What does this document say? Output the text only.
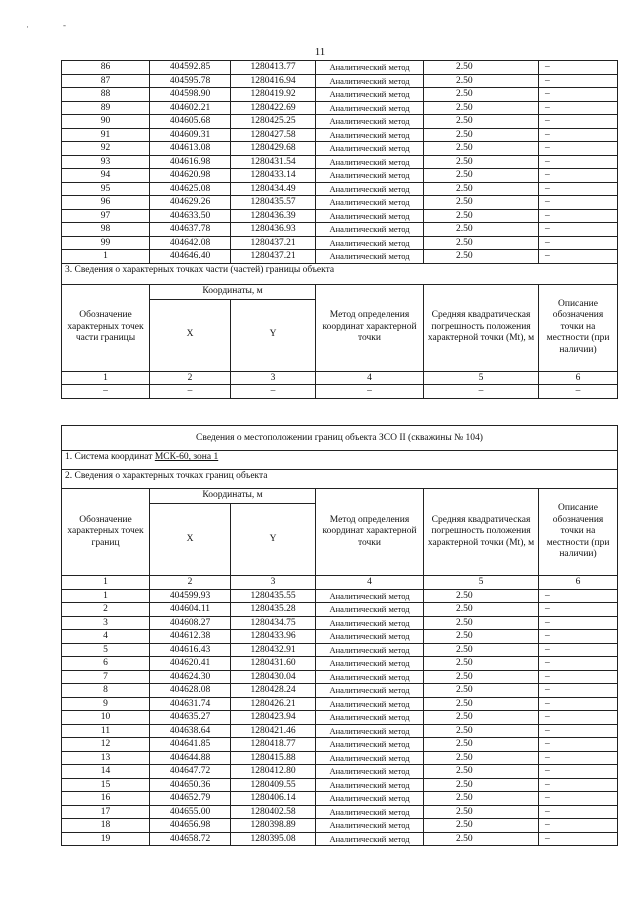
·	-
11
86	404592.85	1280413.77	Аналитический метод	2.50	–
87	404595.78	1280416.94	Аналитический метод	2.50	–
88	404598.90	1280419.92	Аналитический метод	2.50	–
89	404602.21	1280422.69	Аналитический метод	2.50	–
90	404605.68	1280425.25	Аналитический метод	2.50	–
91	404609.31	1280427.58	Аналитический метод	2.50	–
92	404613.08	1280429.68	Аналитический метод	2.50	–
93	404616.98	1280431.54	Аналитический метод	2.50	–
94	404620.98	1280433.14	Аналитический метод	2.50	–
95	404625.08	1280434.49	Аналитический метод	2.50	–
96	404629.26	1280435.57	Аналитический метод	2.50	–
97	404633.50	1280436.39	Аналитический метод	2.50	–
98	404637.78	1280436.93	Аналитический метод	2.50	–
99	404642.08	1280437.21	Аналитический метод	2.50	–
1	404646.40	1280437.21	Аналитический метод	2.50	–
3. Сведения о характерных точках части (частей) границы объекта					
Обозначение характерных точек части границы	Координаты, м		Метод определения координат характерной точки	Средняя квадратическая погрешность положения характерной точки (Mt), м	Описание обозначения точки на местности (при наличии)
	X	Y			
1	2	3	4	5	6
–	–	–	–	–	–
Сведения о местоположении границ объекта ЗСО II (скважины № 104)					
1. Система координат МСК-60, зона 1					
2. Сведения о характерных точках границ объекта					
Обозначение характерных точек границ	Координаты, м		Метод определения координат характерной точки	Средняя квадратическая погрешность положения характерной точки (Mt), м	Описание обозначения точки на местности (при наличии)
	X	Y			
1	2	3	4	5	6
1	404599.93	1280435.55	Аналитический метод	2.50	–
2	404604.11	1280435.28	Аналитический метод	2.50	–
3	404608.27	1280434.75	Аналитический метод	2.50	–
4	404612.38	1280433.96	Аналитический метод	2.50	–
5	404616.43	1280432.91	Аналитический метод	2.50	–
6	404620.41	1280431.60	Аналитический метод	2.50	–
7	404624.30	1280430.04	Аналитический метод	2.50	–
8	404628.08	1280428.24	Аналитический метод	2.50	–
9	404631.74	1280426.21	Аналитический метод	2.50	–
10	404635.27	1280423.94	Аналитический метод	2.50	–
11	404638.64	1280421.46	Аналитический метод	2.50	–
12	404641.85	1280418.77	Аналитический метод	2.50	–
13	404644.88	1280415.88	Аналитический метод	2.50	–
14	404647.72	1280412.80	Аналитический метод	2.50	–
15	404650.36	1280409.55	Аналитический метод	2.50	–
16	404652.79	1280406.14	Аналитический метод	2.50	–
17	404655.00	1280402.58	Аналитический метод	2.50	–
18	404656.98	1280398.89	Аналитический метод	2.50	–
19	404658.72	1280395.08	Аналитический метод	2.50	–
